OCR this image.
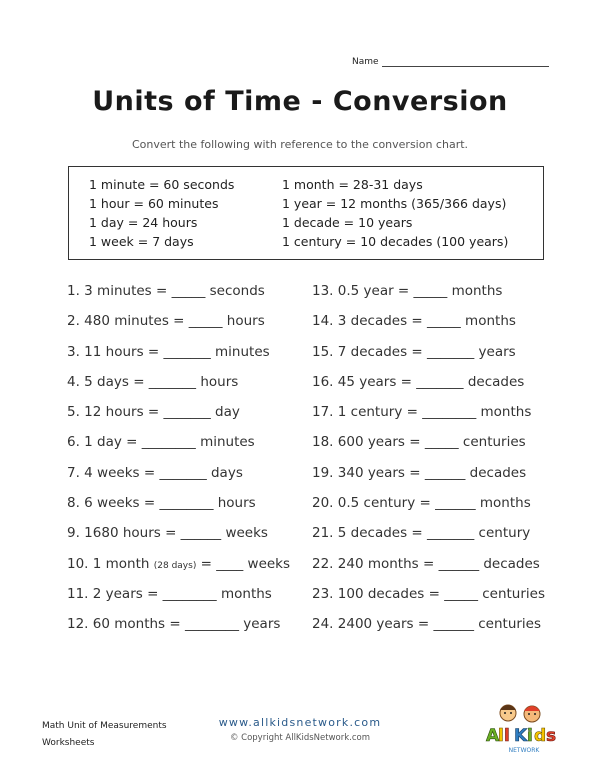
Name
Units of Time - Conversion
Convert the following with reference to the conversion chart.
1 minute = 60 seconds
1 hour = 60 minutes
1 day = 24 hours
1 week = 7 days
1 month = 28-31 days
1 year = 12 months (365/366 days)
1 decade = 10 years
1 century = 10 decades (100 years)
1. 3 minutes = _____ seconds
2. 480 minutes = _____ hours
3. 11 hours = _______ minutes
4. 5 days = _______ hours
5. 12 hours = _______ day
6. 1 day = ________ minutes
7. 4 weeks = _______ days
8. 6 weeks = ________ hours
9. 1680 hours = ______ weeks
10. 1 month (28 days) = ____ weeks
11. 2 years = ________ months
12. 60 months = ________ years
13. 0.5 year = _____ months
14. 3 decades = _____ months
15. 7 decades = _______ years
16. 45 years = _______ decades
17. 1 century = ________ months
18. 600 years = _____ centuries
19. 340 years = ______ decades
20. 0.5 century = ______ months
21. 5 decades = _______ century
22. 240 months = ______ decades
23. 100 decades = _____ centuries
24. 2400 years = ______ centuries
Math Unit of Measurements
Worksheets
www.allkidsnetwork.com
© Copyright AllKidsNetwork.com	A
l l K i d s
NETWORK
